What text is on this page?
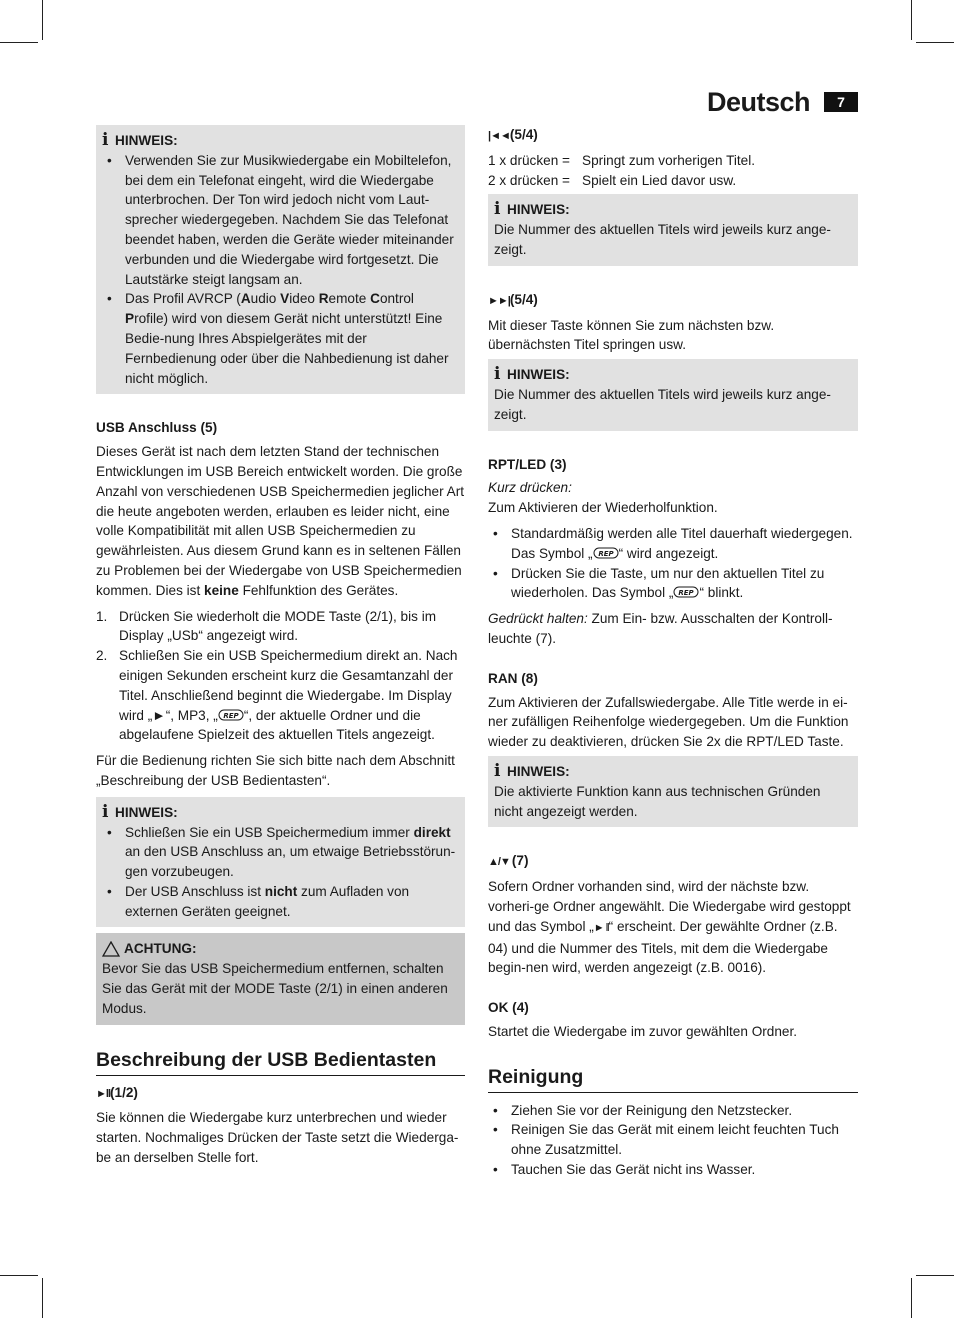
Deutsch	7
i HINWEIS:
• Verwenden Sie zur Musikwiedergabe ein Mobiltelefon, bei dem ein Telefonat eingeht, wird die Wiedergabe unterbrochen. Der Ton wird jedoch nicht vom Laut-sprecher wiedergegeben. Nachdem Sie das Telefonat beendet haben, werden die Geräte wieder miteinander verbunden und die Wiedergabe wird fortgesetzt. Die Lautstärke steigt langsam an.
• Das Profil AVRCP (Audio Video Remote Control Profile) wird von diesem Gerät nicht unterstützt! Eine Bedie-nung Ihres Abspielgerätes mit der Fernbedienung oder über die Nahbedienung ist daher nicht möglich.

USB Anschluss (5)

Dieses Gerät ist nach dem letzten Stand der technischen Entwicklungen im USB Bereich entwickelt worden. Die große Anzahl von verschiedenen USB Speichermedien jeglicher Art die heute angeboten werden, erlauben es leider nicht, eine volle Kompatibilität mit allen USB Speichermedien zu gewährleisten. Aus diesem Grund kann es in seltenen Fällen zu Problemen bei der Wiedergabe von USB Speichermedien kommen. Dies ist keine Fehlfunktion des Gerätes.

1. Drücken Sie wiederholt die MODE Taste (2/1), bis im Display „USb“ angezeigt wird.
2. Schließen Sie ein USB Speichermedium direkt an. Nach einigen Sekunden erscheint kurz die Gesamtanzahl der Titel. Anschließend beginnt die Wiedergabe. Im Display wird „►“, MP3, „ REP “, der aktuelle Ordner und die abgelaufene Spielzeit des aktuellen Titels angezeigt.

Für die Bedienung richten Sie sich bitte nach dem Abschnitt „Beschreibung der USB Bedientasten“.

i HINWEIS:
• Schließen Sie ein USB Speichermedium immer direkt an den USB Anschluss an, um etwaige Betriebsstörun-gen vorzubeugen.
• Der USB Anschluss ist nicht zum Aufladen von externen Geräten geeignet.
ACHTUNG:

Bevor Sie das USB Speichermedium entfernen, schalten Sie das Gerät mit der MODE Taste (2/1) in einen anderen Modus.

Beschreibung der USB Bedientasten

►ll(1/2)

Sie können die Wiedergabe kurz unterbrechen und wieder starten. Nochmaliges Drücken der Taste setzt die Wiederga-be an derselben Stelle fort.

|◄◄(5/4)

1 x drücken = Springt zum vorherigen Titel.
2 x drücken = Spielt ein Lied davor usw.
i HINWEIS:

Die Nummer des aktuellen Titels wird jeweils kurz ange-zeigt.

►►|(5/4)

Mit dieser Taste können Sie zum nächsten bzw. übernächsten Titel springen usw.

i HINWEIS:

Die Nummer des aktuellen Titels wird jeweils kurz ange-zeigt.

RPT/LED (3)

Kurz drücken:

Zum Aktivieren der Wiederholfunktion.

• Standardmäßig werden alle Titel dauerhaft wiedergegen. Das Symbol „ REP “ wird angezeigt.
• Drücken Sie die Taste, um nur den aktuellen Titel zu wiederholen. Das Symbol „ REP “ blinkt.

Gedrückt halten: Zum Ein- bzw. Ausschalten der Kontroll-leuchte (7).

RAN (8)

Zum Aktivieren der Zufallswiedergabe. Alle Title werde in ei-ner zufälligen Reihenfolge wiedergegeben. Um die Funktion wieder zu deaktivieren, drücken Sie 2x die RPT/LED Taste.

i HINWEIS:

Die aktivierte Funktion kann aus technischen Gründen nicht angezeigt werden.

▲/▼ (7)

Sofern Ordner vorhanden sind, wird der nächste bzw. vorheri-ge Ordner angewählt. Die Wiedergabe wird gestoppt und das Symbol „► ll“ erscheint. Der gewählte Ordner (z.B. 04) und die Nummer des Titels, mit dem die Wiedergabe begin-nen wird, werden angezeigt (z.B. 0016).

OK (4)

Startet die Wiedergabe im zuvor gewählten Ordner.

Reinigung
• Ziehen Sie vor der Reinigung den Netzstecker.
• Reinigen Sie das Gerät mit einem leicht feuchten Tuch ohne Zusatzmittel.
• Tauchen Sie das Gerät nicht ins Wasser.
